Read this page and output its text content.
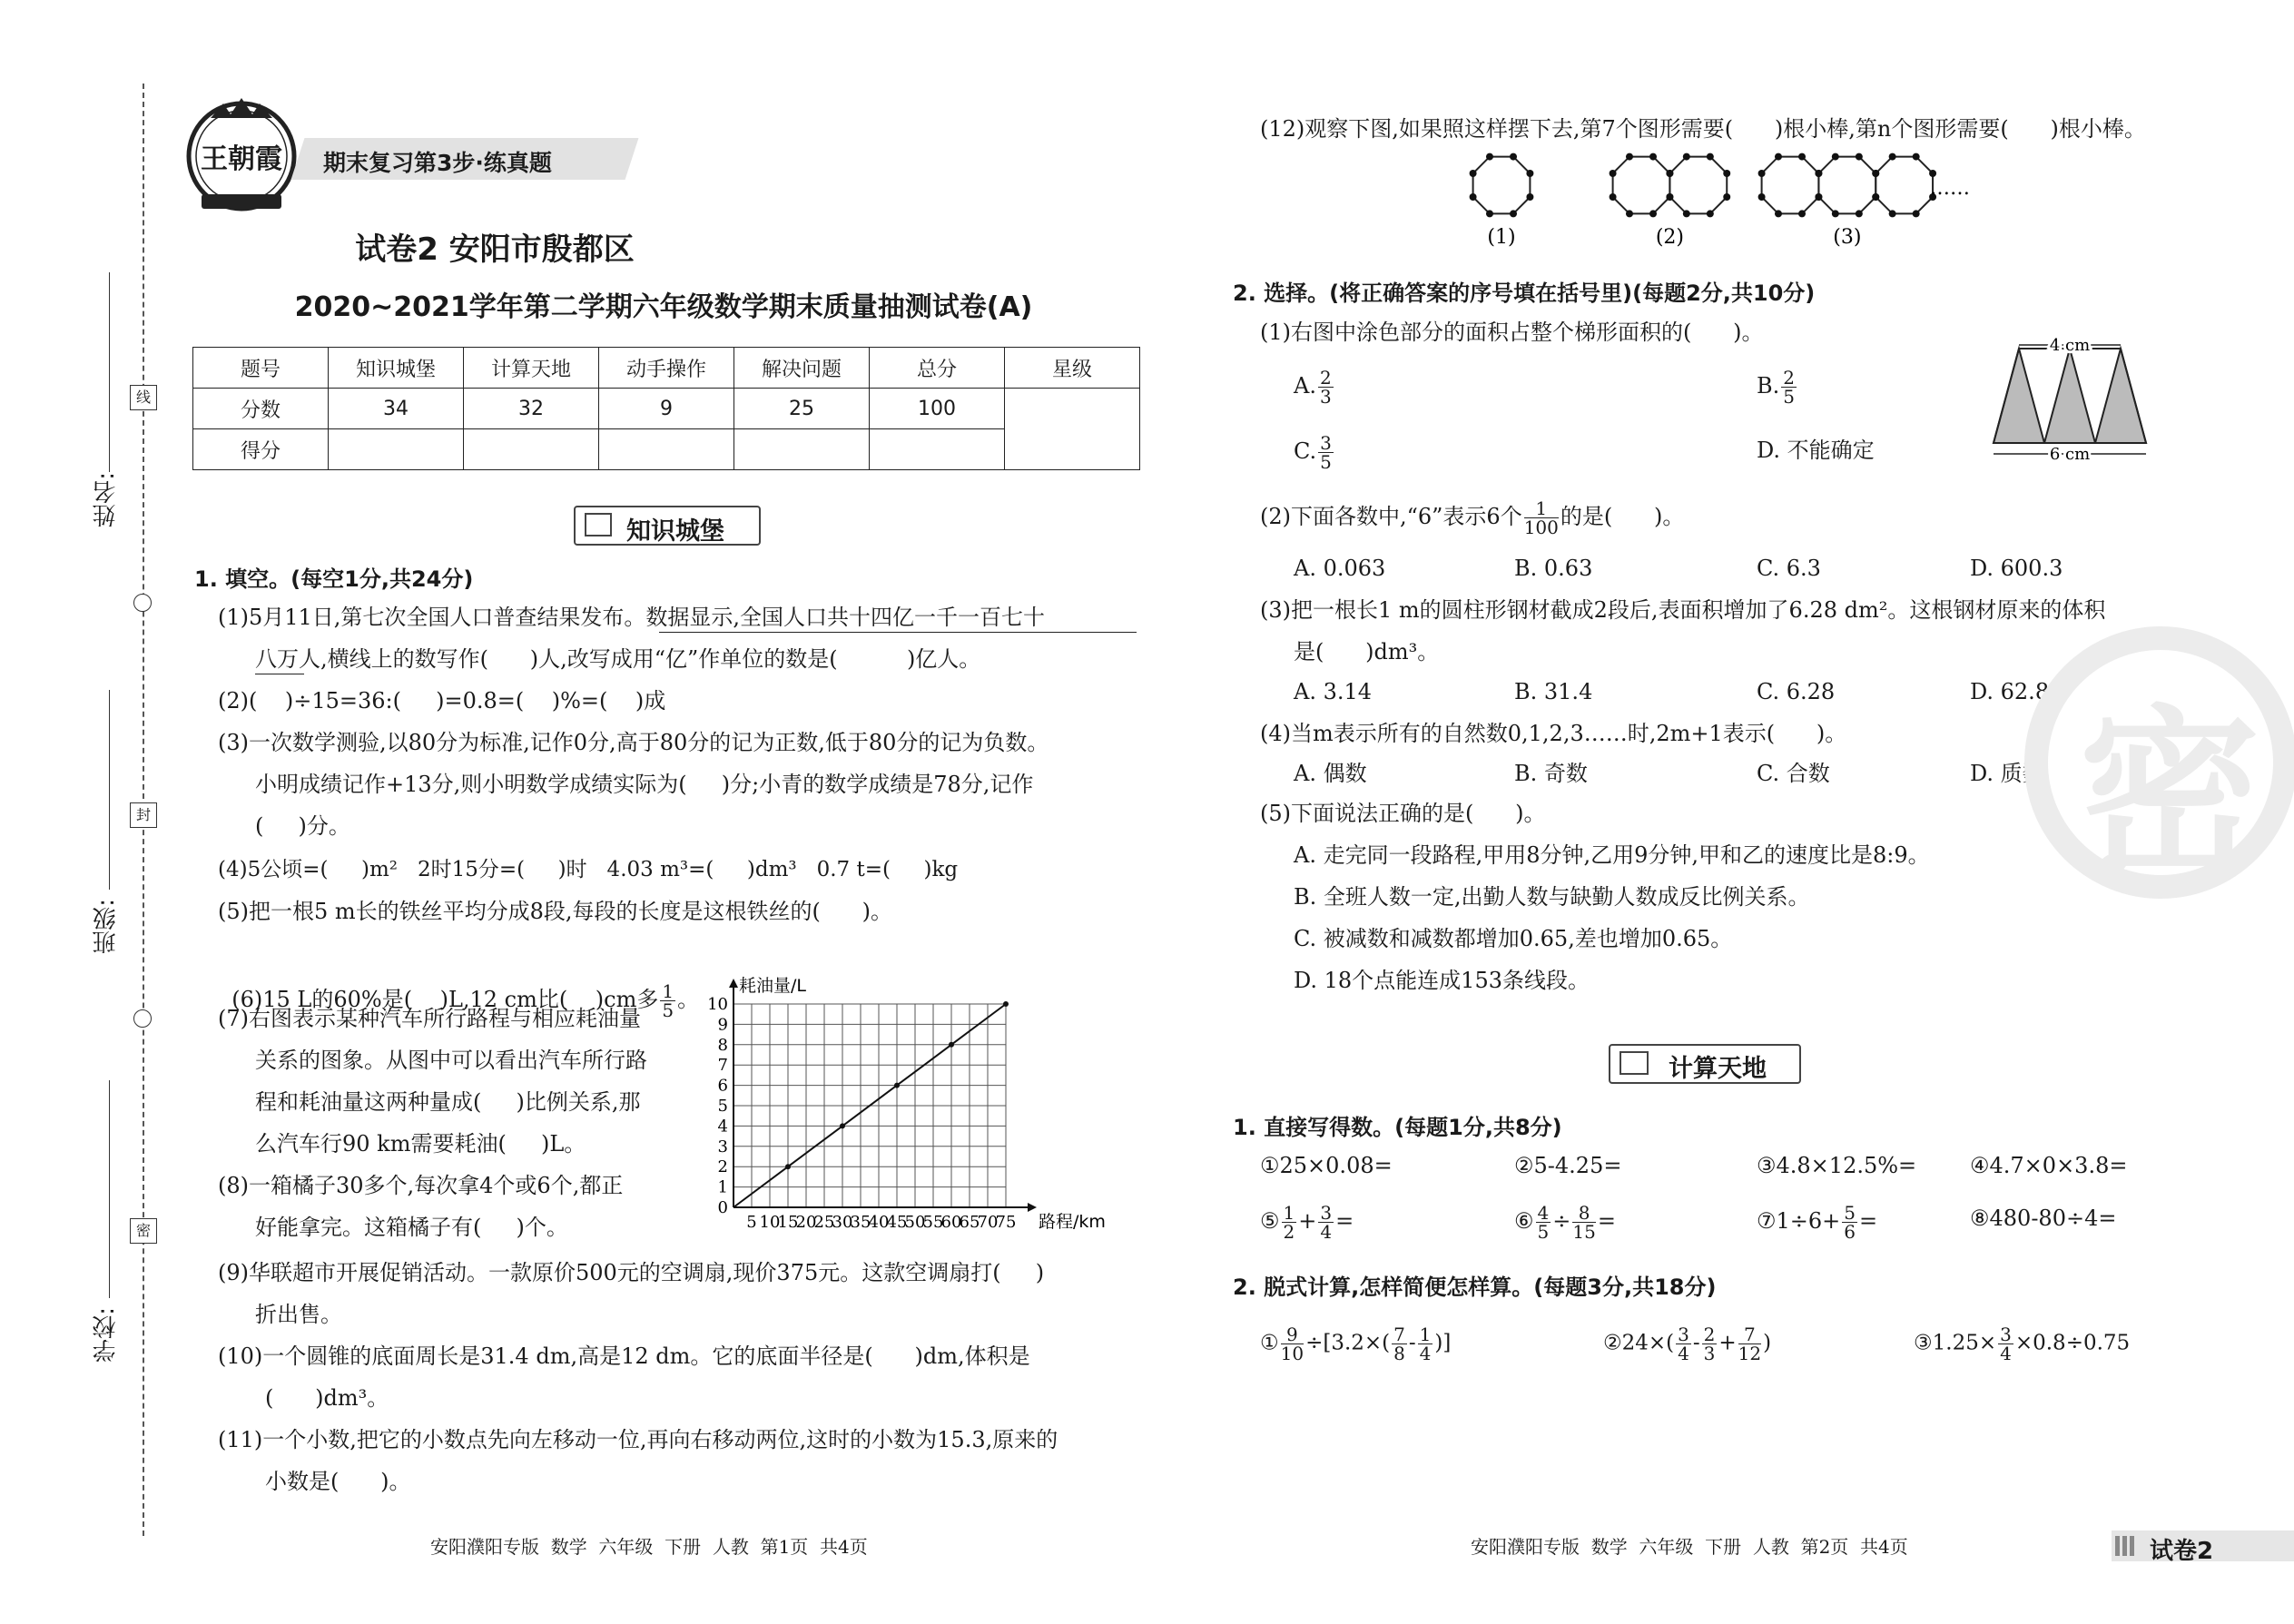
线
封
密
姓名:
班级:
学校:
王朝霞 期末复习第3步·练真题
试卷2 安阳市殷都区
2020~2021学年第二学期六年级数学期末质量抽测试卷(A)
题号	知识城堡	计算天地	动手操作	解决问题	总分	星级
分数	34	32	9	25	100	
得分						
知识城堡
1. 填空。(每空1分,共24分)
(1)5月11日,第七次全国人口普查结果发布。数据显示,全国人口共十四亿一千一百七十
八万人,横线上的数写作(      )人,改写成用“亿”作单位的数是(          )亿人。
(2)(    )÷15=36:(     )=0.8=(    )%=(    )成
(3)一次数学测验,以80分为标准,记作0分,高于80分的记为正数,低于80分的记为负数。
小明成绩记作+13分,则小明数学成绩实际为(     )分;小青的数学成绩是78分,记作
(     )分。
(4)5公顷=(     )m²   2时15分=(     )时   4.03 m³=(     )dm³   0.7 t=(     )kg
(5)把一根5 m长的铁丝平均分成8段,每段的长度是这根铁丝的(      )。

(6)15 L的60%是(    )L,12 cm比(    )cm多 $\frac{1}{5}$ 。

(7)右图表示某种汽车所行路程与相应耗油量
关系的图象。从图中可以看出汽车所行路
程和耗油量这两种量成(     )比例关系,那
么汽车行90 km需要耗油(     )L。
(8)一箱橘子30多个,每次拿4个或6个,都正
好能拿完。这箱橘子有(     )个。
(9)华联超市开展促销活动。一款原价500元的空调扇,现价375元。这款空调扇打(     )
折出售。
(10)一个圆锥的底面周长是31.4 dm,高是12 dm。它的底面半径是(      )dm,体积是
(      )dm³。
(11)一个小数,把它的小数点先向左移动一位,再向右移动两位,这时的小数为15.3,原来的
小数是(      )。
5 10
15
20
25
30
35
40
45
50
55
60
65
70
75
0
1
2
3
4
5
6
7
8
9
10
耗油量/L
路程/km
(12)观察下图,如果照这样摆下去,第7个图形需要(      )根小棒,第n个图形需要(      )根小棒。
(1)	(2)	(3)
……
2. 选择。(将正确答案的序号填在括号里)(每题2分,共10分)
(1)右图中涂色部分的面积占整个梯形面积的(      )。
A. $\frac{2}{3}$	B. $\frac{2}{5}$
C. $\frac{3}{5}$	D. 不能确定
4 cm
6 cm
(2)下面各数中,“6”表示6个 $\frac{1}{100}$ 的是(      )。
A. 0.063	B. 0.63	C. 6.3	D. 600.3
(3)把一根长1 m的圆柱形钢材截成2段后,表面积增加了6.28 dm²。这根钢材原来的体积
是(      )dm³。
A. 3.14	B. 31.4	C. 6.28	D. 62.8
(4)当m表示所有的自然数0,1,2,3……时,2m+1表示(      )。
A. 偶数	B. 奇数	C. 合数	D. 质数
(5)下面说法正确的是(      )。
A. 走完同一段路程,甲用8分钟,乙用9分钟,甲和乙的速度比是8:9。
B. 全班人数一定,出勤人数与缺勤人数成反比例关系。
C. 被减数和减数都增加0.65,差也增加0.65。
D. 18个点能连成153条线段。
计算天地
1. 直接写得数。(每题1分,共8分)
①25×0.08=	②5-4.25=	③4.8×12.5%= ④4.7×0×3.8=
⑤ $\frac{1}{2} + \frac{3}{4}$ =	⑥ $\frac{4}{5} \div \frac{8}{15}$ =	⑦1÷6+ $\frac{5}{6}$ =	⑧480-80÷4=
2. 脱式计算,怎样简便怎样算。(每题3分,共18分)
① $\frac{9}{10} \div[3.2\times( \frac{7}{8} - \frac{1}{4}$ )]	②24×( $\frac{3}{4} - \frac{2}{3} + \frac{7}{12}$ )	③1.25× $\frac{3}{4} \times 0.8\div 0.75$
密
安阳濮阳专版  数学  六年级  下册  人教  第1页  共4页	安阳濮阳专版  数学  六年级  下册  人教  第2页  共4页	试卷2
